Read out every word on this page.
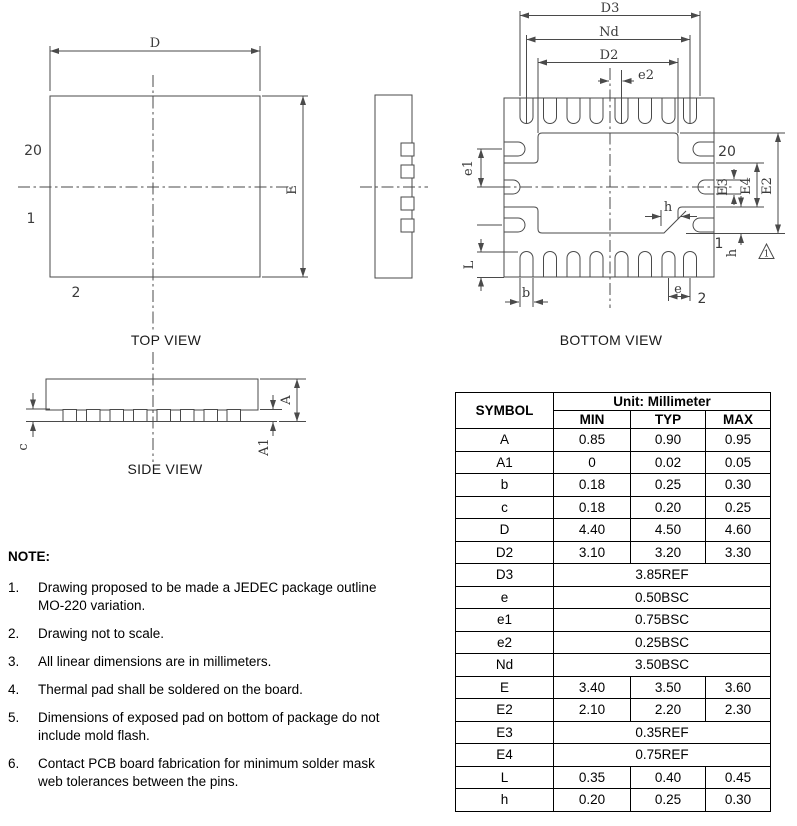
D
E
20
1
2
D3
Nd
D2
e2
e1
L
b	e
E3 E4 E2
h
h
20
1
2
1
A
A1
c
TOP VIEW	BOTTOM VIEW
SIDE VIEW
NOTE:
1.	Drawing proposed to be made a JEDEC package outline MO-220 variation.
2.	Drawing not to scale.
3.	All linear dimensions are in millimeters.
4.	Thermal pad shall be soldered on the board.
5.	Dimensions of exposed pad on bottom of package do not include mold flash.
6.	Contact PCB board fabrication for minimum solder mask web tolerances between the pins.
SYMBOL	Unit: Millimeter		
	MIN	TYP	MAX
A	0.85	0.90	0.95
A1	0	0.02	0.05
b	0.18	0.25	0.30
c	0.18	0.20	0.25
D	4.40	4.50	4.60
D2	3.10	3.20	3.30
D3	3.85REF		
e	0.50BSC		
e1	0.75BSC		
e2	0.25BSC		
Nd	3.50BSC		
E	3.40	3.50	3.60
E2	2.10	2.20	2.30
E3	0.35REF		
E4	0.75REF		
L	0.35	0.40	0.45
h	0.20	0.25	0.30
